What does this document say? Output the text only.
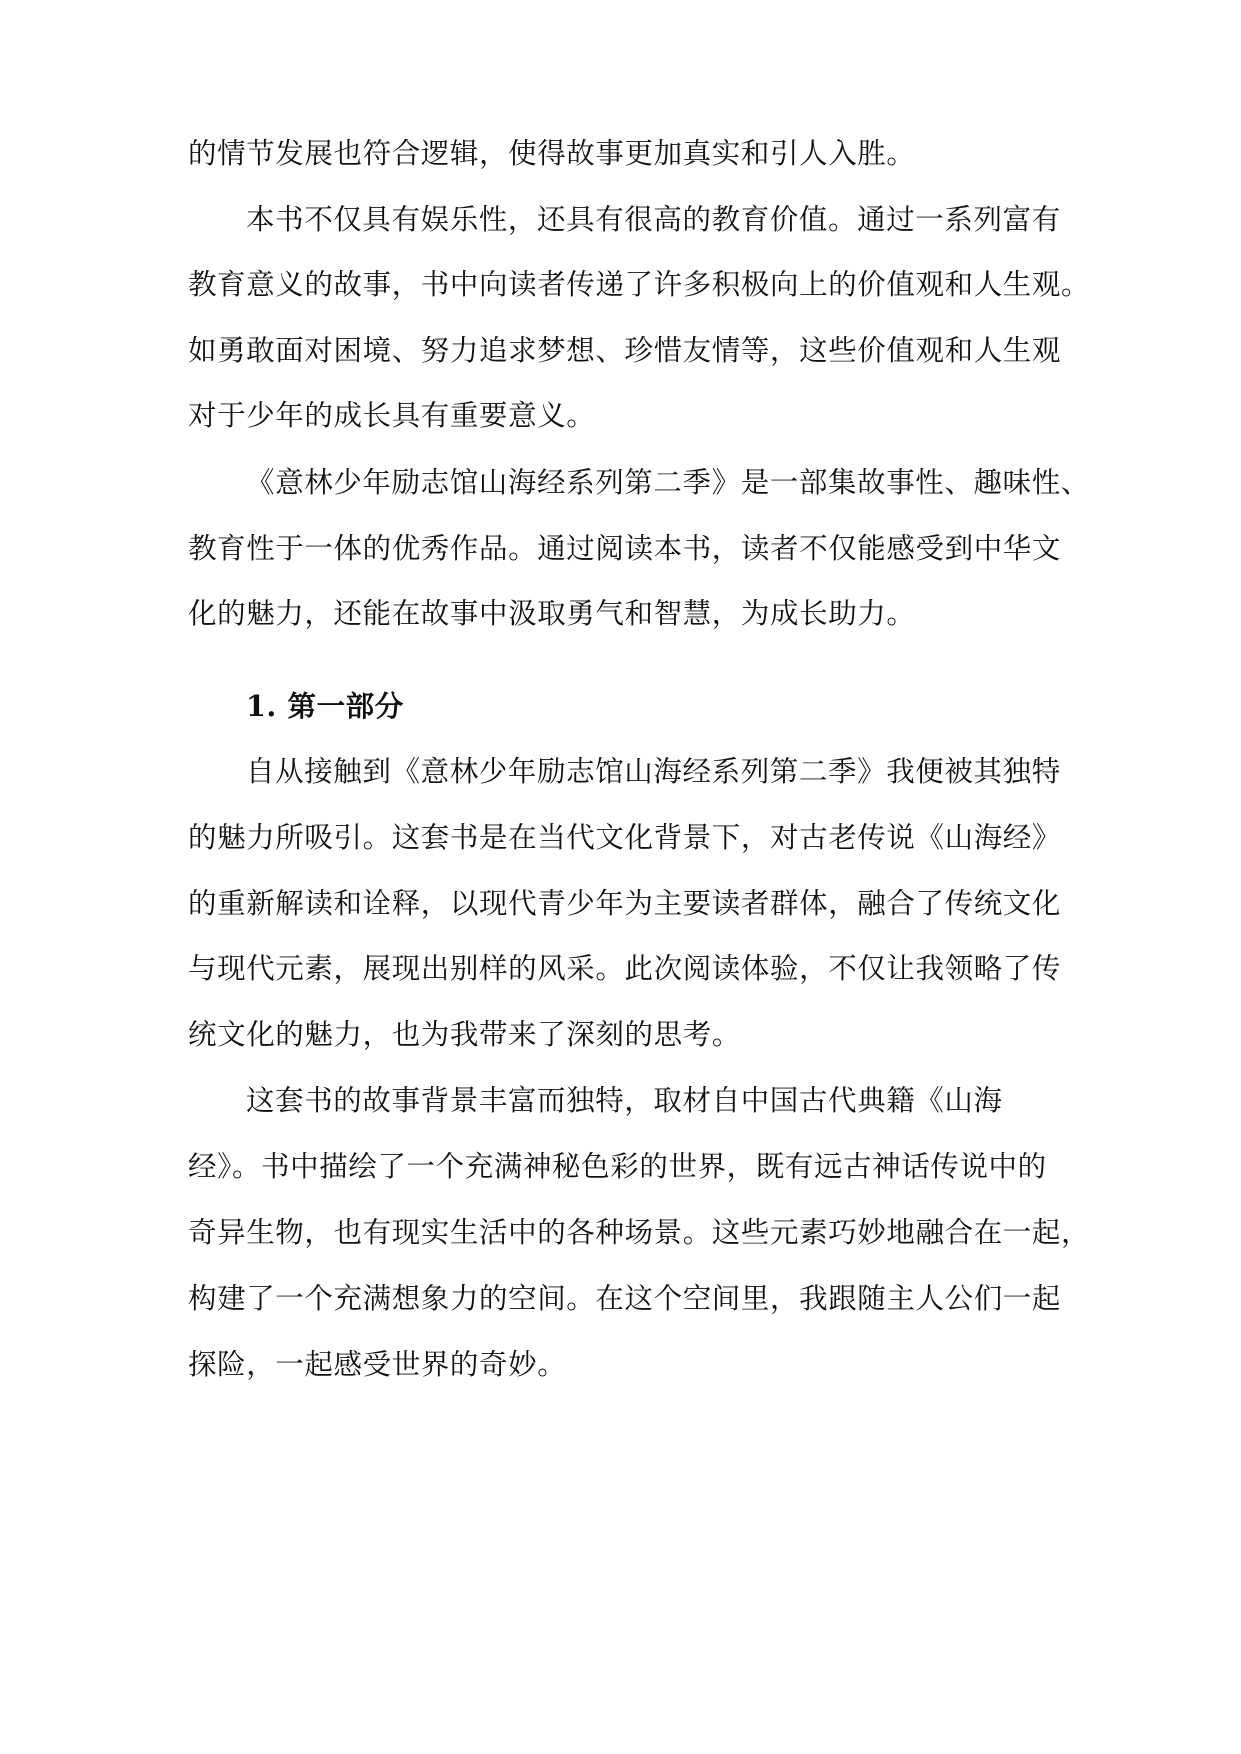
的情节发展也符合逻辑，使得故事更加真实和引人入胜。
本书不仅具有娱乐性，还具有很高的教育价值。通过一系列富有
教育意义的故事，书中向读者传递了许多积极向上的价值观和人生观。
如勇敢面对困境、努力追求梦想、珍惜友情等，这些价值观和人生观
对于少年的成长具有重要意义。
《意林少年励志馆山海经系列第二季》是一部集故事性、趣味性、
教育性于一体的优秀作品。通过阅读本书，读者不仅能感受到中华文
化的魅力，还能在故事中汲取勇气和智慧，为成长助力。
1. 第一部分
自从接触到《意林少年励志馆山海经系列第二季》我便被其独特
的魅力所吸引。这套书是在当代文化背景下，对古老传说《山海经》
的重新解读和诠释，以现代青少年为主要读者群体，融合了传统文化
与现代元素，展现出别样的风采。此次阅读体验，不仅让我领略了传
统文化的魅力，也为我带来了深刻的思考。
这套书的故事背景丰富而独特，取材自中国古代典籍《山海
经》。书中描绘了一个充满神秘色彩的世界，既有远古神话传说中的
奇异生物，也有现实生活中的各种场景。这些元素巧妙地融合在一起，
构建了一个充满想象力的空间。在这个空间里，我跟随主人公们一起
探险，一起感受世界的奇妙。
